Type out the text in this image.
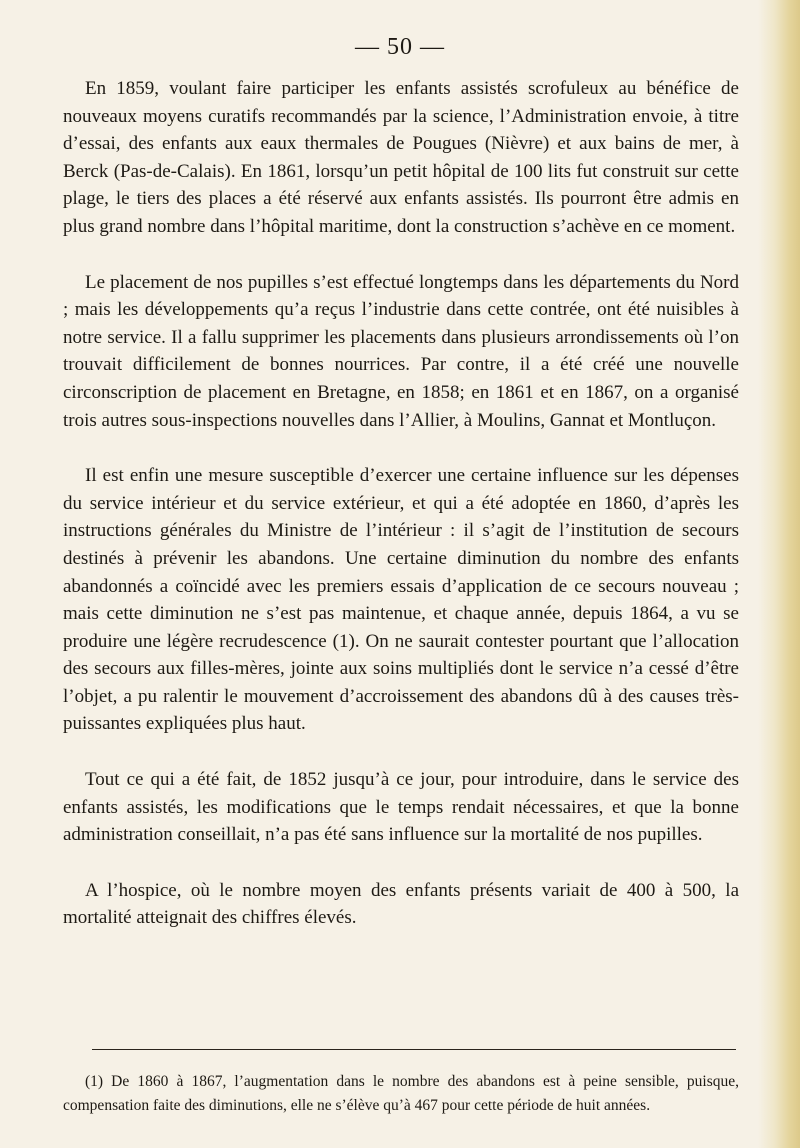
— 50 —

En 1859, voulant faire participer les enfants assistés scrofuleux au bénéfice de nouveaux moyens curatifs recommandés par la science, l’Administration envoie, à titre d’essai, des enfants aux eaux thermales de Pougues (Nièvre) et aux bains de mer, à Berck (Pas-de-Calais). En 1861, lorsqu’un petit hôpital de 100 lits fut construit sur cette plage, le tiers des places a été réservé aux enfants assistés. Ils pourront être admis en plus grand nombre dans l’hôpital maritime, dont la construction s’achève en ce moment.

Le placement de nos pupilles s’est effectué longtemps dans les départements du Nord ; mais les développements qu’a reçus l’industrie dans cette contrée, ont été nuisibles à notre service. Il a fallu supprimer les placements dans plusieurs arrondissements où l’on trouvait difficilement de bonnes nourrices. Par contre, il a été créé une nouvelle circonscription de placement en Bretagne, en 1858; en 1861 et en 1867, on a organisé trois autres sous-inspections nouvelles dans l’Allier, à Moulins, Gannat et Montluçon.

Il est enfin une mesure susceptible d’exercer une certaine influence sur les dépenses du service intérieur et du service extérieur, et qui a été adoptée en 1860, d’après les instructions générales du Ministre de l’intérieur : il s’agit de l’institution de secours destinés à prévenir les abandons. Une certaine diminution du nombre des enfants abandonnés a coïncidé avec les premiers essais d’application de ce secours nouveau ; mais cette diminution ne s’est pas maintenue, et chaque année, depuis 1864, a vu se produire une légère recrudescence (1). On ne saurait contester pourtant que l’allocation des secours aux filles-mères, jointe aux soins multipliés dont le service n’a cessé d’être l’objet, a pu ralentir le mouvement d’accroissement des abandons dû à des causes très-puissantes expliquées plus haut.

Tout ce qui a été fait, de 1852 jusqu’à ce jour, pour introduire, dans le service des enfants assistés, les modifications que le temps rendait nécessaires, et que la bonne administration conseillait, n’a pas été sans influence sur la mortalité de nos pupilles.

A l’hospice, où le nombre moyen des enfants présents variait de 400 à 500, la mortalité atteignait des chiffres élevés.

(1) De 1860 à 1867, l’augmentation dans le nombre des abandons est à peine sensible, puisque, compensation faite des diminutions, elle ne s’élève qu’à 467 pour cette période de huit années.
